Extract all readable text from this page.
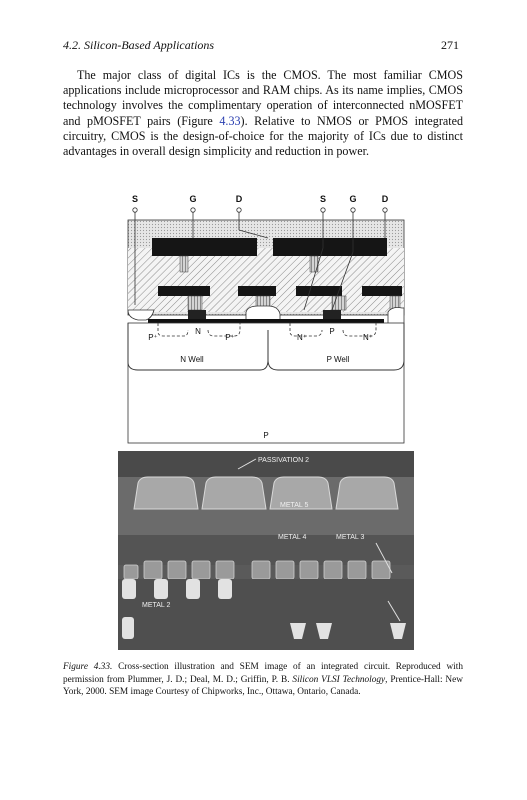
4.2. Silicon-Based Applications	271

The major class of digital ICs is the CMOS. The most familiar CMOS applications include microprocessor and RAM chips. As its name implies, CMOS technology involves the complimentary operation of interconnected nMOSFET and pMOSFET pairs (Figure 4.33). Relative to NMOS or PMOS integrated circuitry, CMOS is the design-of-choice for the majority of ICs due to distinct advantages in overall design simplicity and reduction in power.

S	G	D	S	G	D
P⁺
N
P⁺	N⁺
P
N⁺
N Well	P Well
P
PASSIVATION 2
METAL 5
METAL 4	METAL 3
METAL 2
Figure 4.33. Cross-section illustration and SEM image of an integrated circuit. Reproduced with permission from Plummer, J. D.; Deal, M. D.; Griffin, P. B. Silicon VLSI Technology, Prentice-Hall: New York, 2000. SEM image Courtesy of Chipworks, Inc., Ottawa, Ontario, Canada.
